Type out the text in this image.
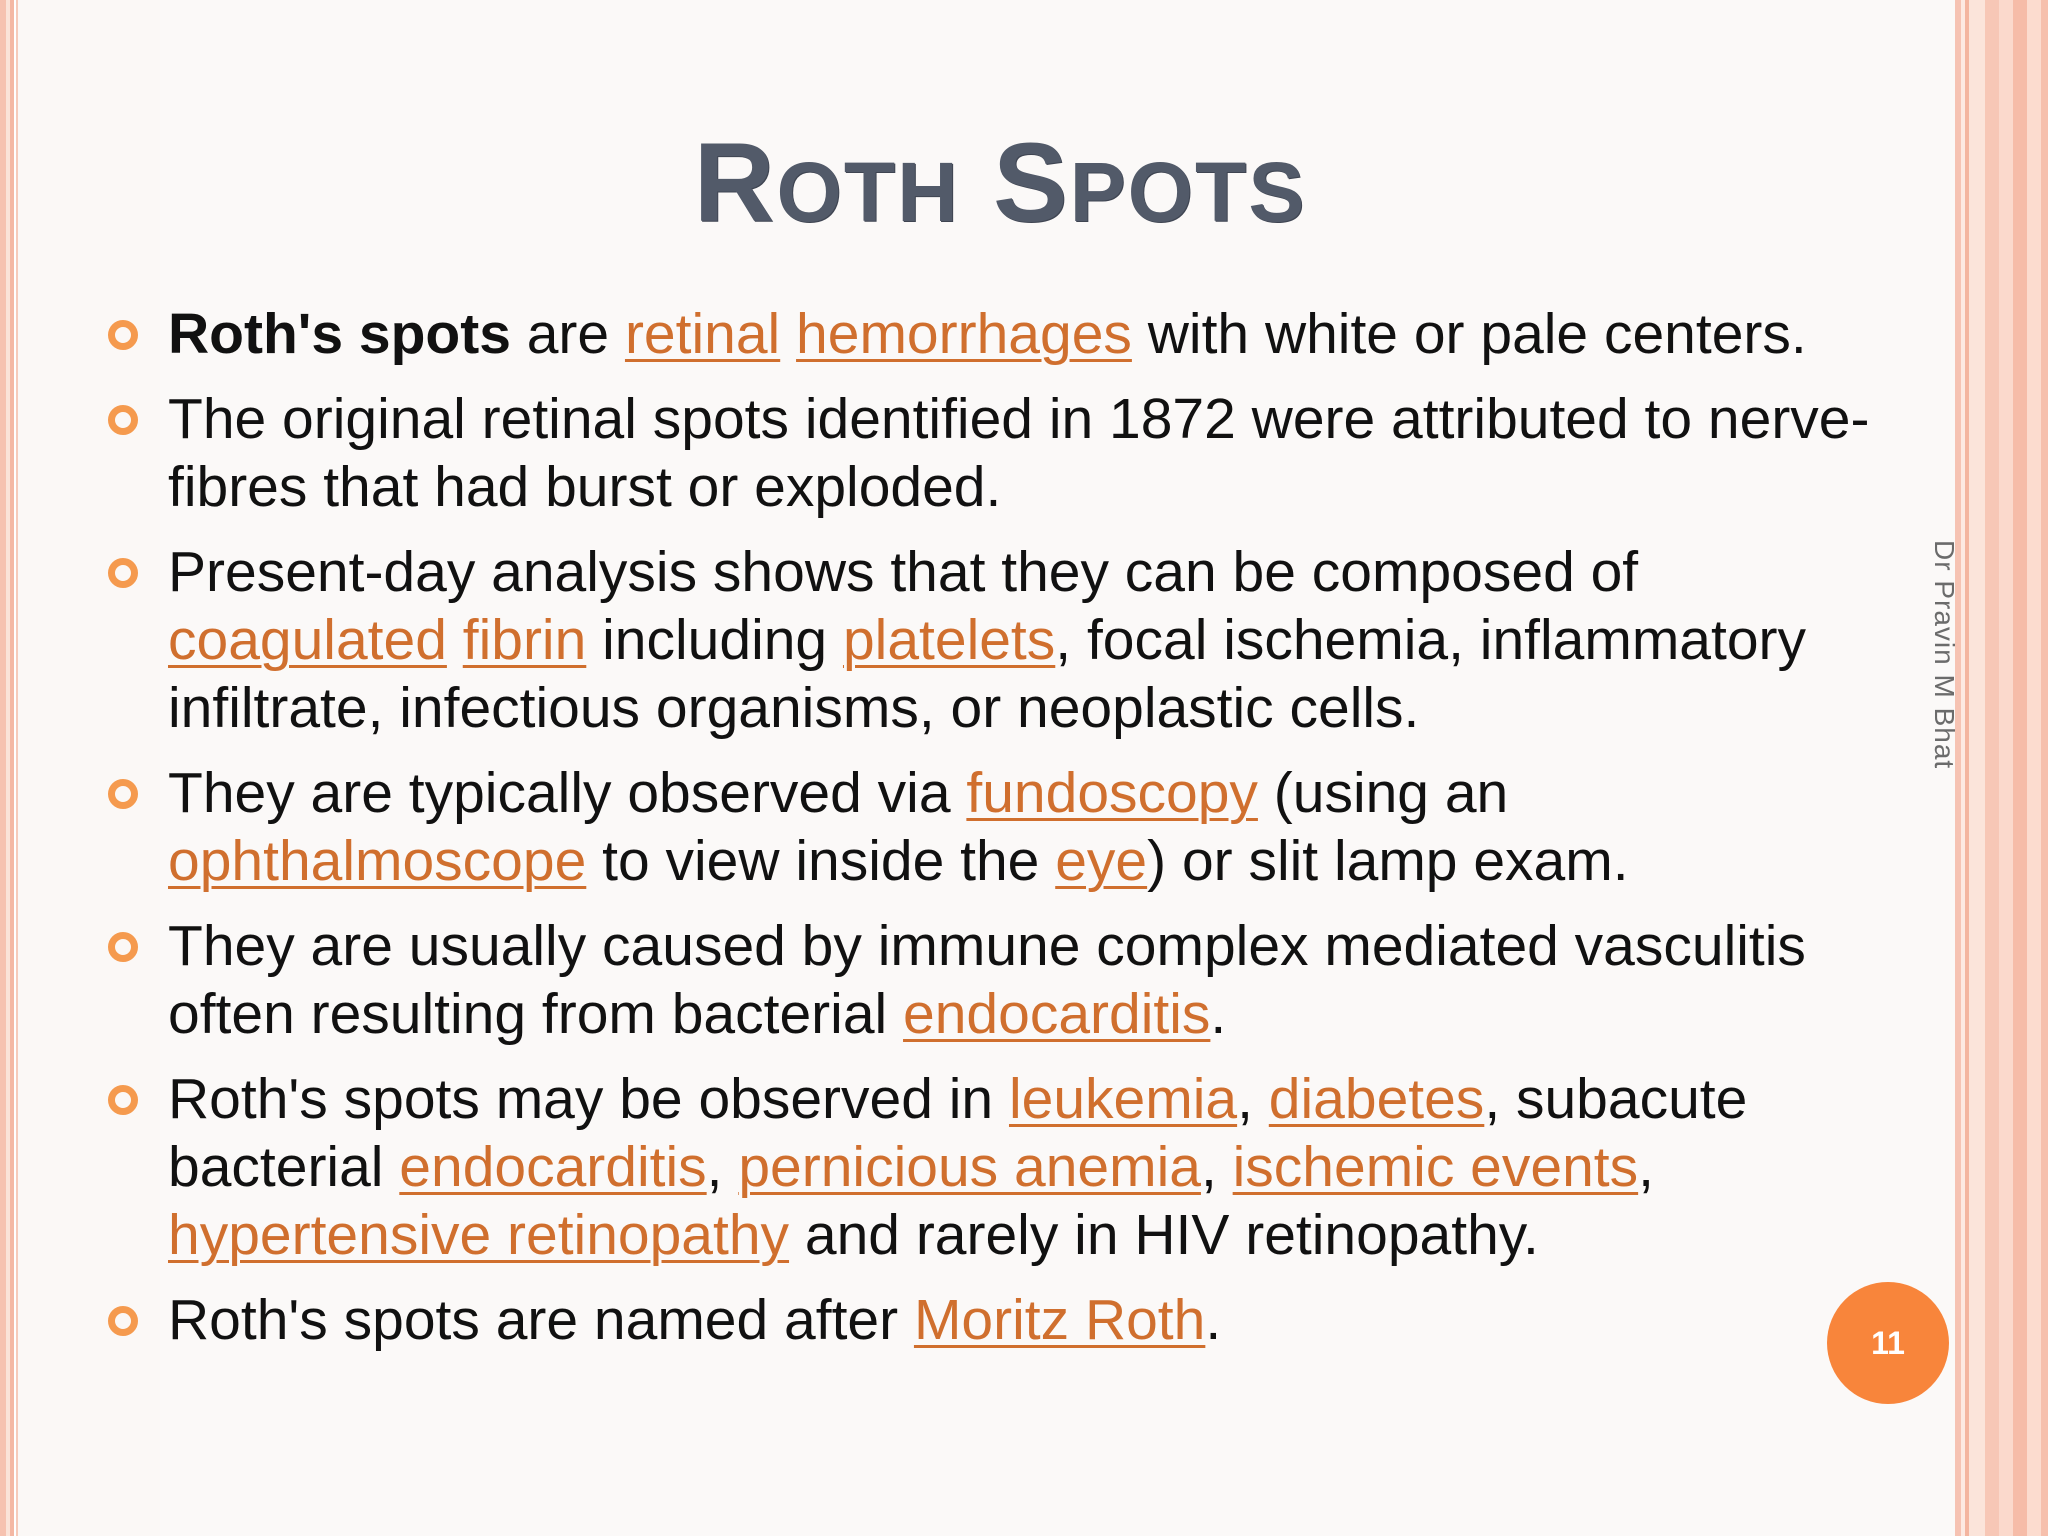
ROTH SPOTS
Roth's spots are retinal hemorrhages with white or pale centers.
The original retinal spots identified in 1872 were attributed to nerve-fibres that had burst or exploded.
Present-day analysis shows that they can be composed of coagulated fibrin including platelets, focal ischemia, inflammatory infiltrate, infectious organisms, or neoplastic cells.
They are typically observed via fundoscopy (using an ophthalmoscope to view inside the eye) or slit lamp exam.
They are usually caused by immune complex mediated vasculitis often resulting from bacterial endocarditis.
Roth's spots may be observed in leukemia, diabetes, subacute bacterial endocarditis, pernicious anemia, ischemic events, hypertensive retinopathy and rarely in HIV retinopathy.
Roth's spots are named after Moritz Roth.
Dr Pravin M Bhat
11
